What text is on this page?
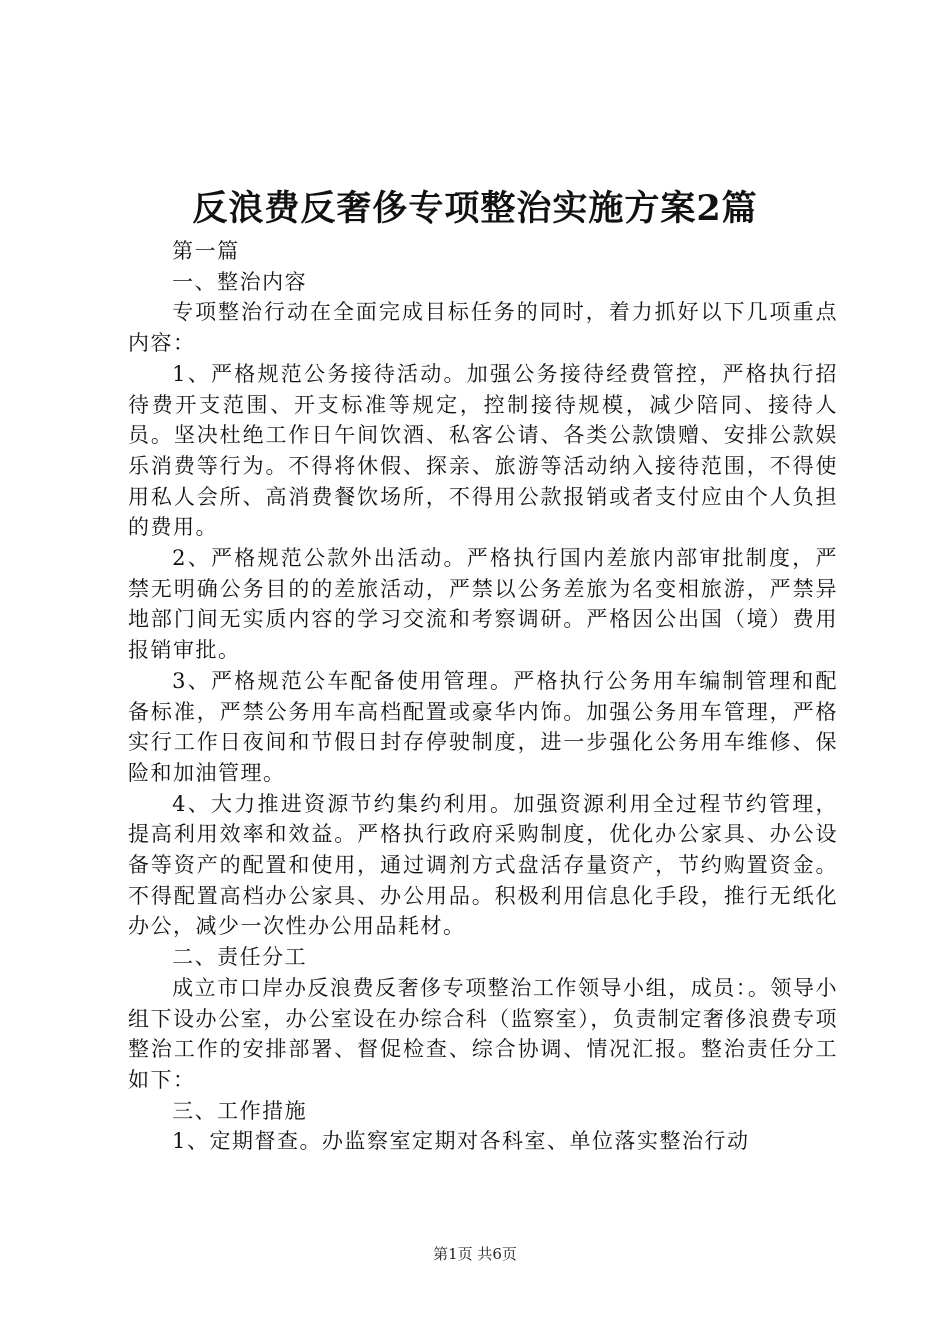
反浪费反奢侈专项整治实施方案2篇

第一篇

一、整治内容

专项整治行动在全面完成目标任务的同时，着力抓好以下几项重点内容：

1、严格规范公务接待活动。加强公务接待经费管控，严格执行招待费开支范围、开支标准等规定，控制接待规模，减少陪同、接待人员。坚决杜绝工作日午间饮酒、私客公请、各类公款馈赠、安排公款娱乐消费等行为。不得将休假、探亲、旅游等活动纳入接待范围，不得使用私人会所、高消费餐饮场所，不得用公款报销或者支付应由个人负担的费用。

2、严格规范公款外出活动。严格执行国内差旅内部审批制度，严禁无明确公务目的的差旅活动，严禁以公务差旅为名变相旅游，严禁异地部门间无实质内容的学习交流和考察调研。严格因公出国（境）费用报销审批。

3、严格规范公车配备使用管理。严格执行公务用车编制管理和配备标准，严禁公务用车高档配置或豪华内饰。加强公务用车管理，严格实行工作日夜间和节假日封存停驶制度，进一步强化公务用车维修、保险和加油管理。

4、大力推进资源节约集约利用。加强资源利用全过程节约管理，提高利用效率和效益。严格执行政府采购制度，优化办公家具、办公设备等资产的配置和使用，通过调剂方式盘活存量资产，节约购置资金。不得配置高档办公家具、办公用品。积极利用信息化手段，推行无纸化办公，减少一次性办公用品耗材。

二、责任分工

成立市口岸办反浪费反奢侈专项整治工作领导小组，成员：。领导小组下设办公室，办公室设在办综合科（监察室），负责制定奢侈浪费专项整治工作的安排部署、督促检查、综合协调、情况汇报。整治责任分工如下：

三、工作措施

1、定期督查。办监察室定期对各科室、单位落实整治行动

第1页 共6页
